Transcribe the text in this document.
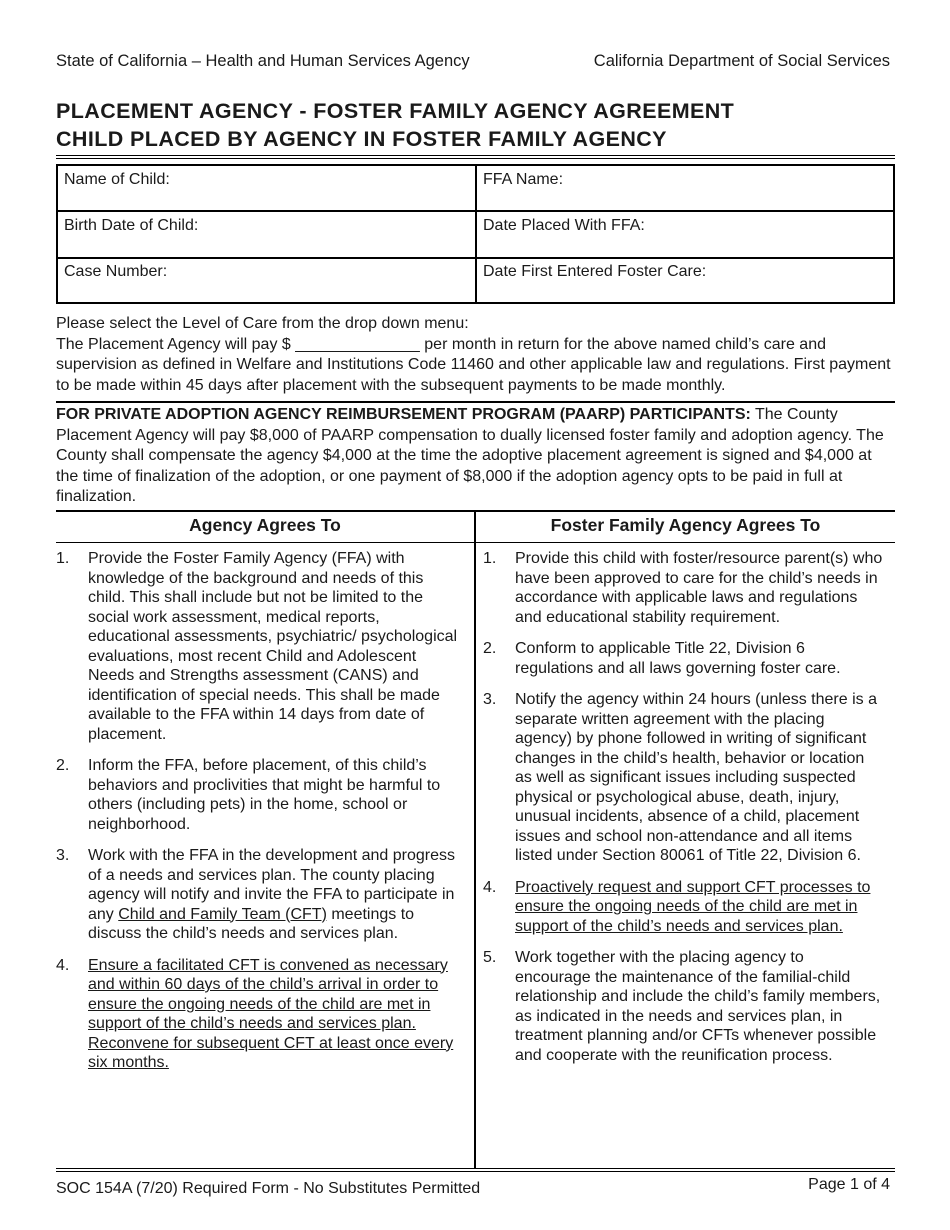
State of California – Health and Human Services Agency	California Department of Social Services
PLACEMENT AGENCY - FOSTER FAMILY AGENCY AGREEMENT
CHILD PLACED BY AGENCY IN FOSTER FAMILY AGENCY
Name of Child:	FFA Name:
Birth Date of Child:	Date Placed With FFA:
Case Number:	Date First Entered Foster Care:
Please select the Level of Care from the drop down menu:
The Placement Agency will pay $ ______________ per month in return for the above named child’s care and supervision as defined in Welfare and Institutions Code 11460 and other applicable law and regulations. First payment to be made within 45 days after placement with the subsequent payments to be made monthly.
FOR PRIVATE ADOPTION AGENCY REIMBURSEMENT PROGRAM (PAARP) PARTICIPANTS: The County Placement Agency will pay $8,000 of PAARP compensation to dually licensed foster family and adoption agency. The County shall compensate the agency $4,000 at the time the adoptive placement agreement is signed and $4,000 at the time of finalization of the adoption, or one payment of $8,000 if the adoption agency opts to be paid in full at finalization.
Agency Agrees To	Foster Family Agency Agrees To
1. Provide the Foster Family Agency (FFA) with knowledge of the background and needs of this child. This shall include but not be limited to the social work assessment, medical reports, educational assessments, psychiatric/ psychological evaluations, most recent Child and Adolescent Needs and Strengths assessment (CANS) and identification of special needs. This shall be made available to the FFA within 14 days from date of placement.
2. Inform the FFA, before placement, of this child’s behaviors and proclivities that might be harmful to others (including pets) in the home, school or neighborhood.
3. Work with the FFA in the development and progress of a needs and services plan. The county placing agency will notify and invite the FFA to participate in any Child and Family Team (CFT) meetings to discuss the child’s needs and services plan.
4. Ensure a facilitated CFT is convened as necessary and within 60 days of the child’s arrival in order to ensure the ongoing needs of the child are met in support of the child’s needs and services plan. Reconvene for subsequent CFT at least once every six months.
1. Provide this child with foster/resource parent(s) who have been approved to care for the child’s needs in accordance with applicable laws and regulations and educational stability requirement.
2. Conform to applicable Title 22, Division 6 regulations and all laws governing foster care.
3. Notify the agency within 24 hours (unless there is a separate written agreement with the placing agency) by phone followed in writing of significant changes in the child’s health, behavior or location as well as significant issues including suspected physical or psychological abuse, death, injury, unusual incidents, absence of a child, placement issues and school non-attendance and all items listed under Section 80061 of Title 22, Division 6.
4. Proactively request and support CFT processes to ensure the ongoing needs of the child are met in support of the child’s needs and services plan.
5. Work together with the placing agency to encourage the maintenance of the familial-child relationship and include the child’s family members, as indicated in the needs and services plan, in treatment planning and/or CFTs whenever possible and cooperate with the reunification process.
SOC 154A (7/20) Required Form - No Substitutes Permitted	Page 1 of 4
